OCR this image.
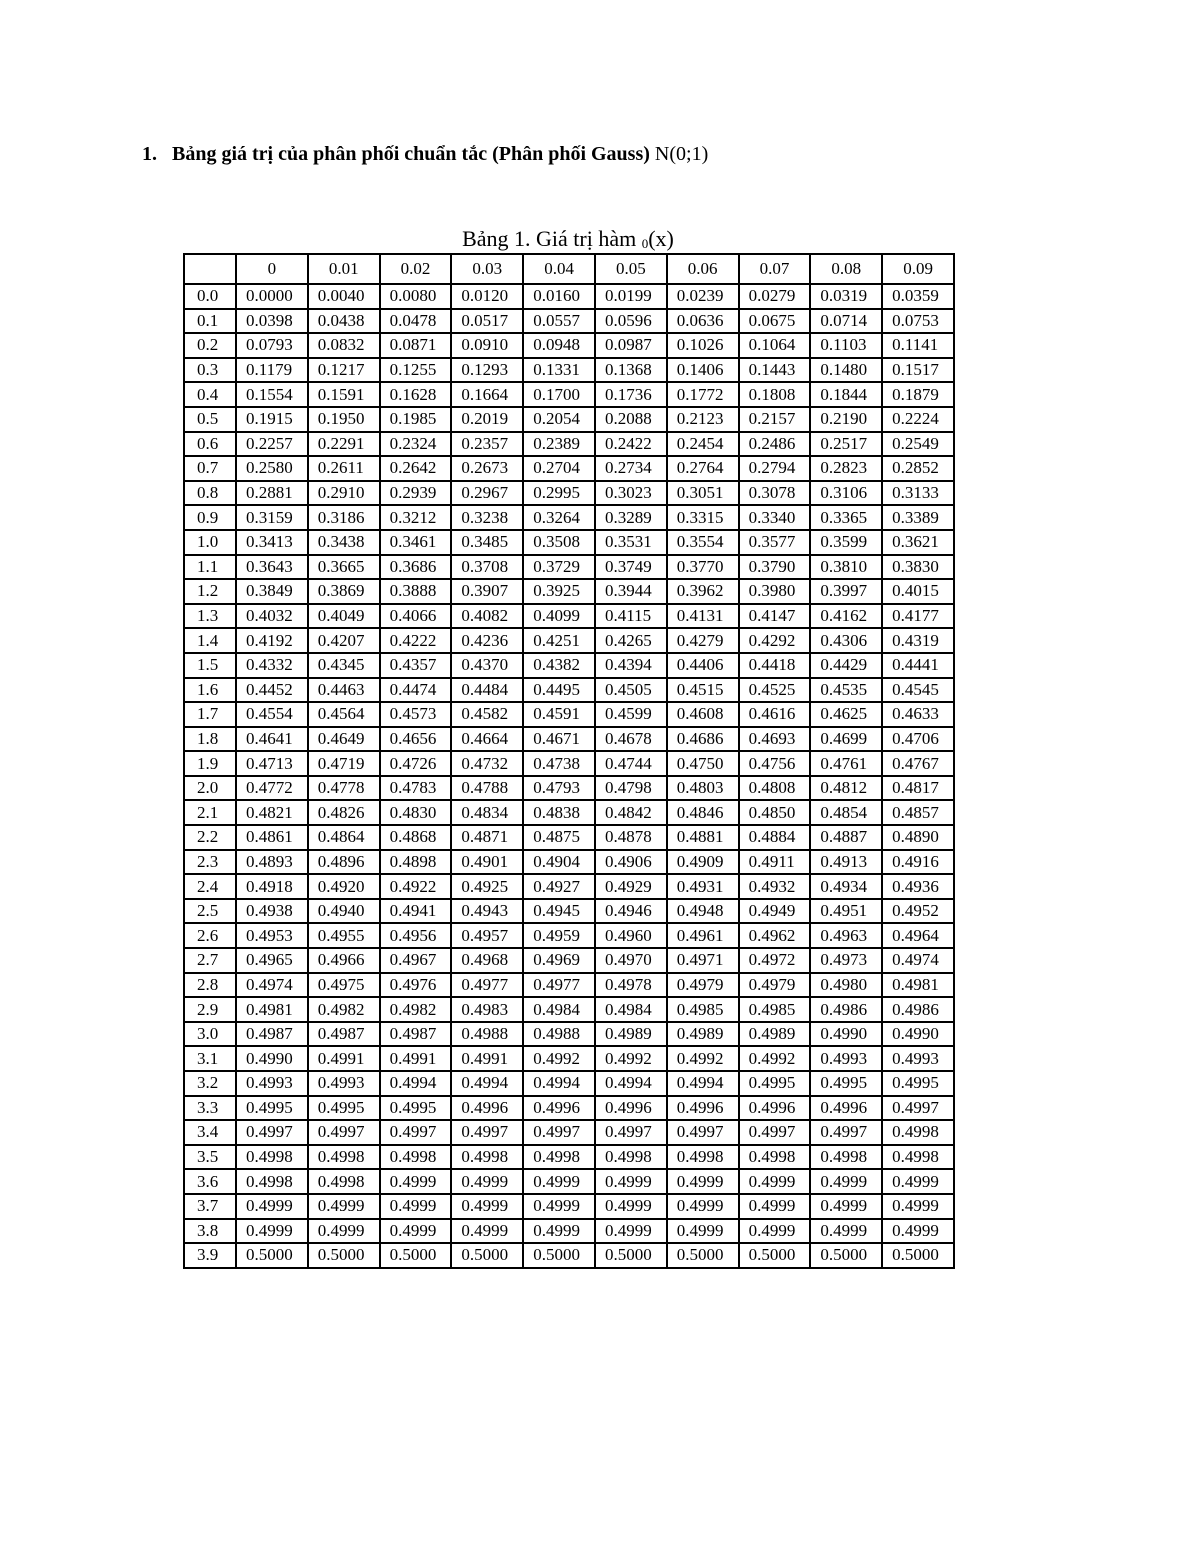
1. Bảng giá trị của phân phối chuẩn tắc (Phân phối Gauss) N(0;1)
Bảng 1. Giá trị hàm 0(x)
	0	0.01	0.02	0.03	0.04	0.05	0.06	0.07	0.08	0.09
0.0	0.0000	0.0040	0.0080	0.0120	0.0160	0.0199	0.0239	0.0279	0.0319	0.0359
0.1	0.0398	0.0438	0.0478	0.0517	0.0557	0.0596	0.0636	0.0675	0.0714	0.0753
0.2	0.0793	0.0832	0.0871	0.0910	0.0948	0.0987	0.1026	0.1064	0.1103	0.1141
0.3	0.1179	0.1217	0.1255	0.1293	0.1331	0.1368	0.1406	0.1443	0.1480	0.1517
0.4	0.1554	0.1591	0.1628	0.1664	0.1700	0.1736	0.1772	0.1808	0.1844	0.1879
0.5	0.1915	0.1950	0.1985	0.2019	0.2054	0.2088	0.2123	0.2157	0.2190	0.2224
0.6	0.2257	0.2291	0.2324	0.2357	0.2389	0.2422	0.2454	0.2486	0.2517	0.2549
0.7	0.2580	0.2611	0.2642	0.2673	0.2704	0.2734	0.2764	0.2794	0.2823	0.2852
0.8	0.2881	0.2910	0.2939	0.2967	0.2995	0.3023	0.3051	0.3078	0.3106	0.3133
0.9	0.3159	0.3186	0.3212	0.3238	0.3264	0.3289	0.3315	0.3340	0.3365	0.3389
1.0	0.3413	0.3438	0.3461	0.3485	0.3508	0.3531	0.3554	0.3577	0.3599	0.3621
1.1	0.3643	0.3665	0.3686	0.3708	0.3729	0.3749	0.3770	0.3790	0.3810	0.3830
1.2	0.3849	0.3869	0.3888	0.3907	0.3925	0.3944	0.3962	0.3980	0.3997	0.4015
1.3	0.4032	0.4049	0.4066	0.4082	0.4099	0.4115	0.4131	0.4147	0.4162	0.4177
1.4	0.4192	0.4207	0.4222	0.4236	0.4251	0.4265	0.4279	0.4292	0.4306	0.4319
1.5	0.4332	0.4345	0.4357	0.4370	0.4382	0.4394	0.4406	0.4418	0.4429	0.4441
1.6	0.4452	0.4463	0.4474	0.4484	0.4495	0.4505	0.4515	0.4525	0.4535	0.4545
1.7	0.4554	0.4564	0.4573	0.4582	0.4591	0.4599	0.4608	0.4616	0.4625	0.4633
1.8	0.4641	0.4649	0.4656	0.4664	0.4671	0.4678	0.4686	0.4693	0.4699	0.4706
1.9	0.4713	0.4719	0.4726	0.4732	0.4738	0.4744	0.4750	0.4756	0.4761	0.4767
2.0	0.4772	0.4778	0.4783	0.4788	0.4793	0.4798	0.4803	0.4808	0.4812	0.4817
2.1	0.4821	0.4826	0.4830	0.4834	0.4838	0.4842	0.4846	0.4850	0.4854	0.4857
2.2	0.4861	0.4864	0.4868	0.4871	0.4875	0.4878	0.4881	0.4884	0.4887	0.4890
2.3	0.4893	0.4896	0.4898	0.4901	0.4904	0.4906	0.4909	0.4911	0.4913	0.4916
2.4	0.4918	0.4920	0.4922	0.4925	0.4927	0.4929	0.4931	0.4932	0.4934	0.4936
2.5	0.4938	0.4940	0.4941	0.4943	0.4945	0.4946	0.4948	0.4949	0.4951	0.4952
2.6	0.4953	0.4955	0.4956	0.4957	0.4959	0.4960	0.4961	0.4962	0.4963	0.4964
2.7	0.4965	0.4966	0.4967	0.4968	0.4969	0.4970	0.4971	0.4972	0.4973	0.4974
2.8	0.4974	0.4975	0.4976	0.4977	0.4977	0.4978	0.4979	0.4979	0.4980	0.4981
2.9	0.4981	0.4982	0.4982	0.4983	0.4984	0.4984	0.4985	0.4985	0.4986	0.4986
3.0	0.4987	0.4987	0.4987	0.4988	0.4988	0.4989	0.4989	0.4989	0.4990	0.4990
3.1	0.4990	0.4991	0.4991	0.4991	0.4992	0.4992	0.4992	0.4992	0.4993	0.4993
3.2	0.4993	0.4993	0.4994	0.4994	0.4994	0.4994	0.4994	0.4995	0.4995	0.4995
3.3	0.4995	0.4995	0.4995	0.4996	0.4996	0.4996	0.4996	0.4996	0.4996	0.4997
3.4	0.4997	0.4997	0.4997	0.4997	0.4997	0.4997	0.4997	0.4997	0.4997	0.4998
3.5	0.4998	0.4998	0.4998	0.4998	0.4998	0.4998	0.4998	0.4998	0.4998	0.4998
3.6	0.4998	0.4998	0.4999	0.4999	0.4999	0.4999	0.4999	0.4999	0.4999	0.4999
3.7	0.4999	0.4999	0.4999	0.4999	0.4999	0.4999	0.4999	0.4999	0.4999	0.4999
3.8	0.4999	0.4999	0.4999	0.4999	0.4999	0.4999	0.4999	0.4999	0.4999	0.4999
3.9	0.5000	0.5000	0.5000	0.5000	0.5000	0.5000	0.5000	0.5000	0.5000	0.5000
